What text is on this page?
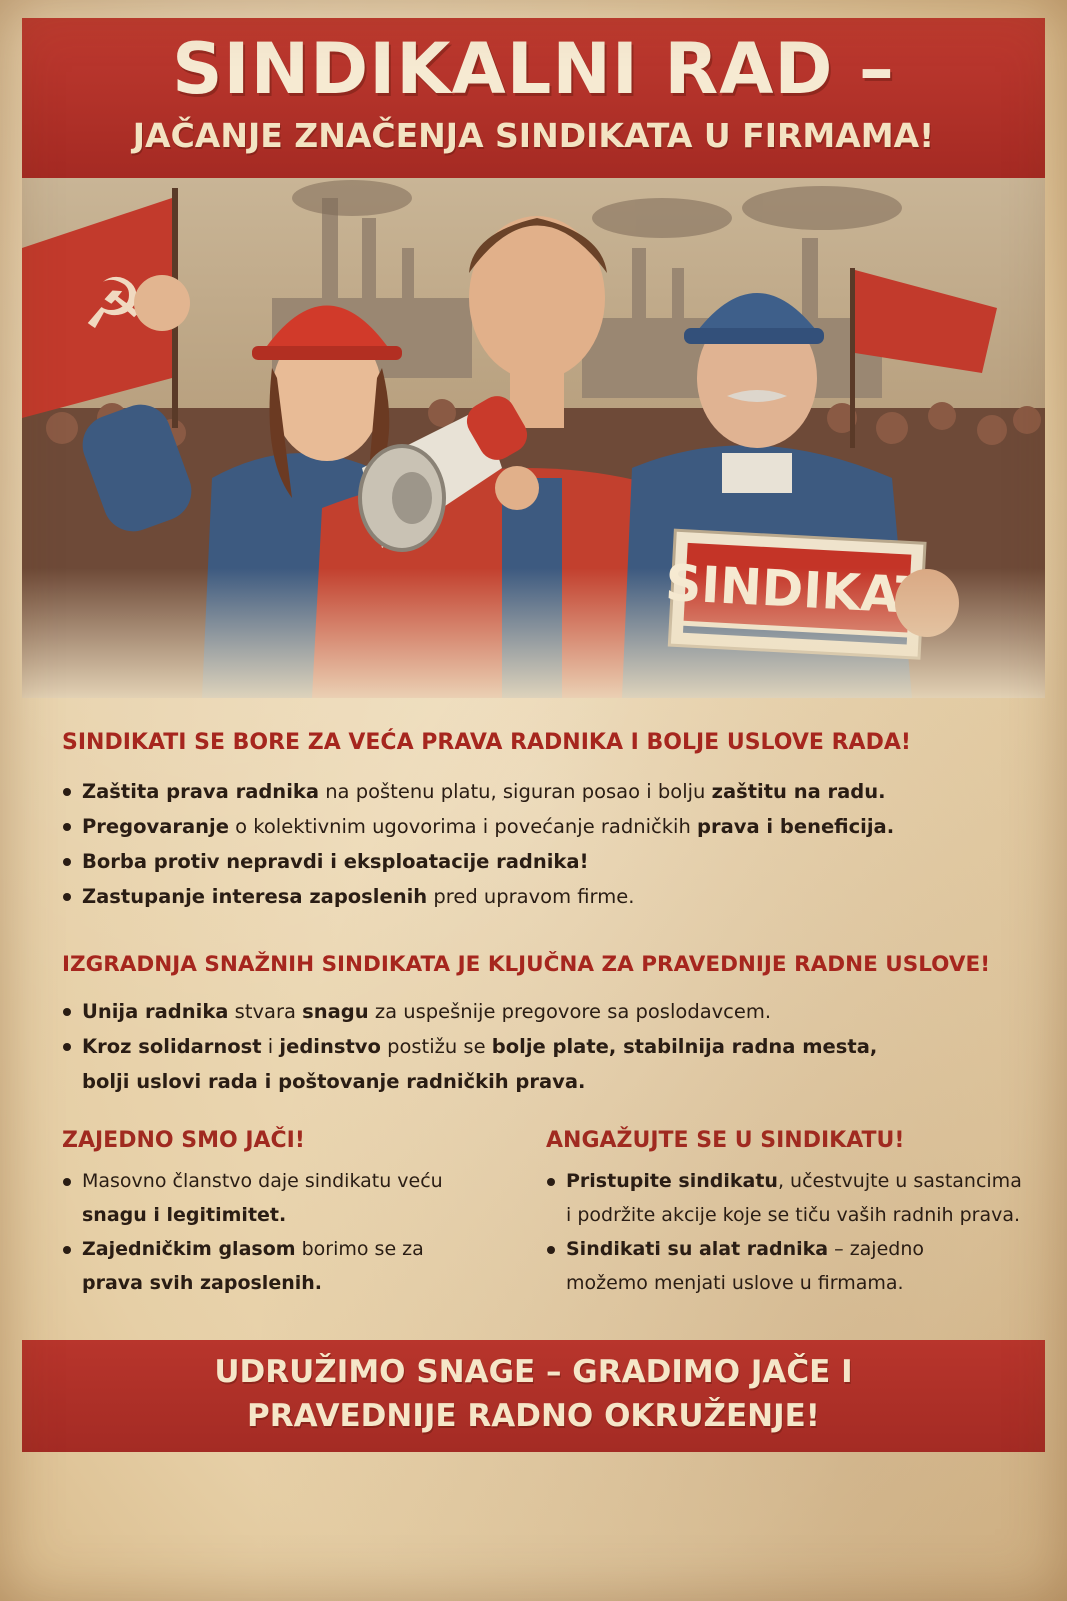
SINDIKALNI RAD –
JAČANJE ZNAČENJA SINDIKATA U FIRMAMA!
SINDIKATI SE BORE ZA VEĆA PRAVA RADNIKA I BOLJE USLOVE RADA!
Zaštita prava radnika na poštenu platu, siguran posao i bolju zaštitu na radu.
Pregovaranje o kolektivnim ugovorima i povećanje radničkih prava i beneficija.
Borba protiv nepravdi i eksploatacije radnika!
Zastupanje interesa zaposlenih pred upravom firme.
IZGRADNJA SNAŽNIH SINDIKATA JE KLJUČNA ZA PRAVEDNIJE RADNE USLOVE!
Unija radnika stvara snagu za uspešnije pregovore sa poslodavcem.
Kroz solidarnost i jedinstvo postižu se bolje plate, stabilnija radna mesta,
bolji uslovi rada i poštovanje radničkih prava.
ZAJEDNO SMO JAČI!
Masovno članstvo daje sindikatu veću
snagu i legitimitet.
Zajedničkim glasom borimo se za
prava svih zaposlenih.
ANGAŽUJTE SE U SINDIKATU!
Pristupite sindikatu, učestvujte u sastancima
i podržite akcije koje se tiču vaših radnih prava.
Sindikati su alat radnika – zajedno
možemo menjati uslove u firmama.
UDRUŽIMO SNAGE – GRADIMO JAČE I
PRAVEDNIJE RADNO OKRUŽENJE!
